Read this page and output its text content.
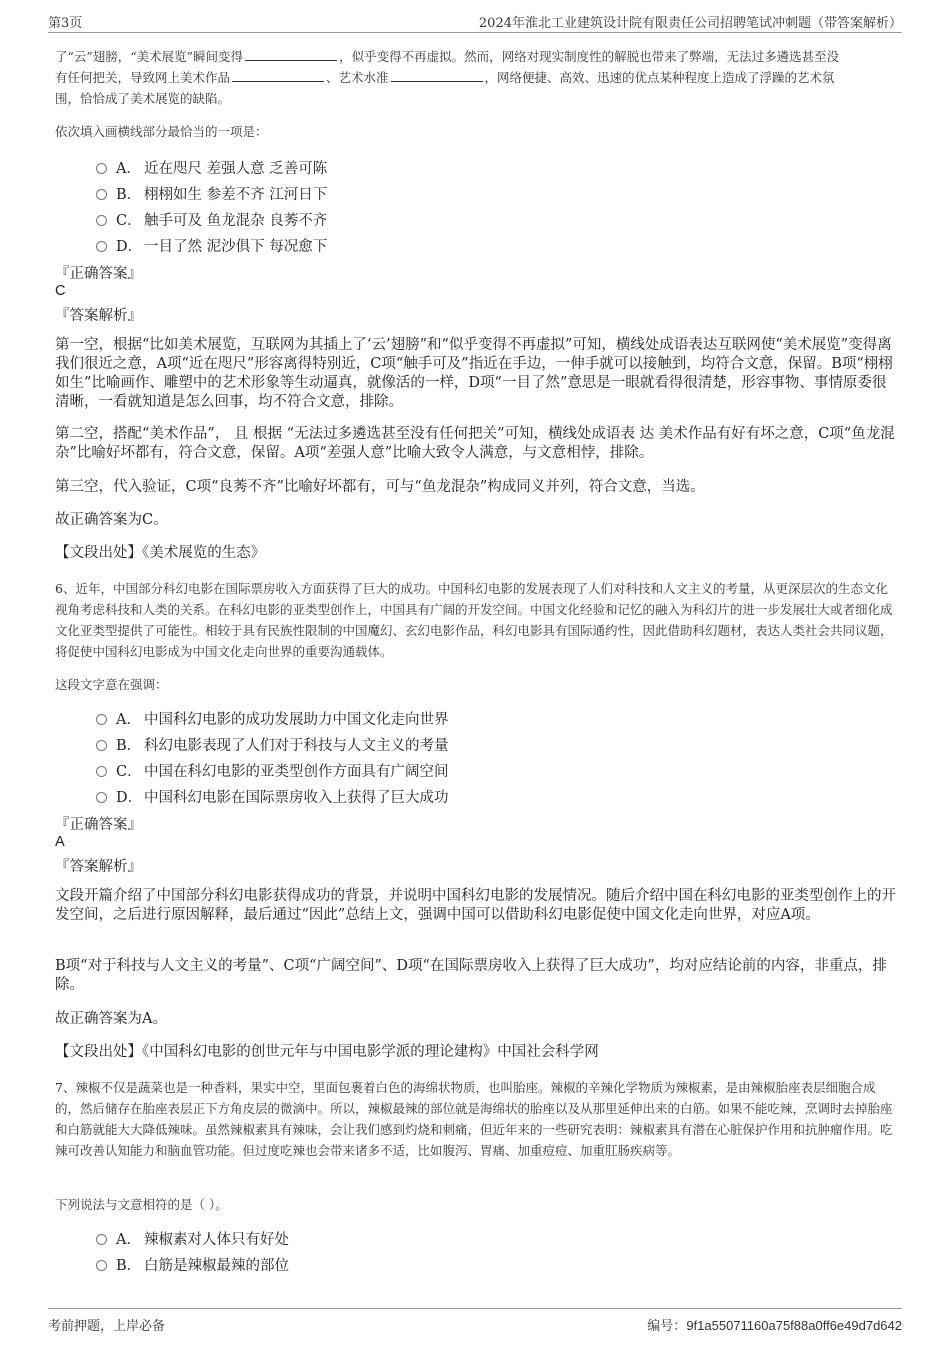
第3页	2024年淮北工业建筑设计院有限责任公司招聘笔试冲刺题（带答案解析）
了“云”翅膀，“美术展览”瞬间变得	，似乎变得不再虚拟。然而，网络对现实制度性的解脱也带来了弊端，无法过多遴选甚至没
有任何把关，导致网上美术作品	、艺术水准	，网络便捷、高效、迅速的优点某种程度上造成了浮躁的艺术氛
围，恰恰成了美术展览的缺陷。
依次填入画横线部分最恰当的一项是：
A． 近在咫尺 差强人意 乏善可陈
B． 栩栩如生 参差不齐 江河日下
C． 触手可及 鱼龙混杂 良莠不齐
D． 一目了然 泥沙俱下 每况愈下
『正确答案』
C
『答案解析』
第一空，根据“比如美术展览，互联网为其插上了‘云’翅膀”和“似乎变得不再虚拟”可知，横线处成语表达互联网使“美术展览”变得离我们很近之意，A项“近在咫尺”形容离得特别近，C项“触手可及”指近在手边，一伸手就可以接触到，均符合文意，保留。B项“栩栩如生”比喻画作、雕塑中的艺术形象等生动逼真，就像活的一样，D项“一目了然”意思是一眼就看得很清楚，形容事物、事情原委很清晰，一看就知道是怎么回事，均不符合文意，排除。
第二空，搭配“美术作品”， 且 根据 “无法过多遴选甚至没有任何把关”可知，横线处成语表 达 美术作品有好有坏之意，C项“鱼龙混杂”比喻好坏都有，符合文意，保留。A项“差强人意”比喻大致令人满意，与文意相悖，排除。
第三空，代入验证，C项“良莠不齐”比喻好坏都有，可与“鱼龙混杂”构成同义并列，符合文意，当选。
故正确答案为C。
【文段出处】《美术展览的生态》
6、近年，中国部分科幻电影在国际票房收入方面获得了巨大的成功。中国科幻电影的发展表现了人们对科技和人文主义的考量，从更深层次的生态文化视角考虑科技和人类的关系。在科幻电影的亚类型创作上，中国具有广阔的开发空间。中国文化经验和记忆的融入为科幻片的进一步发展壮大或者细化成文化亚类型提供了可能性。相较于具有民族性限制的中国魔幻、玄幻电影作品，科幻电影具有国际通约性，因此借助科幻题材，表达人类社会共同议题，将促使中国科幻电影成为中国文化走向世界的重要沟通载体。
这段文字意在强调：
A． 中国科幻电影的成功发展助力中国文化走向世界
B． 科幻电影表现了人们对于科技与人文主义的考量
C． 中国在科幻电影的亚类型创作方面具有广阔空间
D． 中国科幻电影在国际票房收入上获得了巨大成功
『正确答案』
A
『答案解析』
文段开篇介绍了中国部分科幻电影获得成功的背景，并说明中国科幻电影的发展情况。随后介绍中国在科幻电影的亚类型创作上的开发空间，之后进行原因解释，最后通过“因此”总结上文，强调中国可以借助科幻电影促使中国文化走向世界，对应A项。
B项“对于科技与人文主义的考量”、C项“广阔空间”、D项“在国际票房收入上获得了巨大成功”，均对应结论前的内容，非重点，排除。
故正确答案为A。
【文段出处】《中国科幻电影的创世元年与中国电影学派的理论建构》中国社会科学网
7、辣椒不仅是蔬菜也是一种香料，果实中空，里面包裹着白色的海绵状物质，也叫胎座。辣椒的辛辣化学物质为辣椒素，是由辣椒胎座表层细胞合成的，然后储存在胎座表层正下方角皮层的微滴中。所以，辣椒最辣的部位就是海绵状的胎座以及从那里延伸出来的白筋。如果不能吃辣，烹调时去掉胎座和白筋就能大大降低辣味。虽然辣椒素具有辣味，会让我们感到灼烧和刺痛，但近年来的一些研究表明：辣椒素具有潜在心脏保护作用和抗肿瘤作用。吃辣可改善认知能力和脑血管功能。但过度吃辣也会带来诸多不适，比如腹泻、胃痛、加重痘痘、加重肛肠疾病等。
下列说法与文意相符的是（ ）。
A． 辣椒素对人体只有好处
B． 白筋是辣椒最辣的部位
考前押题，上岸必备	编号：9f1a55071160a75f88a0ff6e49d7d642
